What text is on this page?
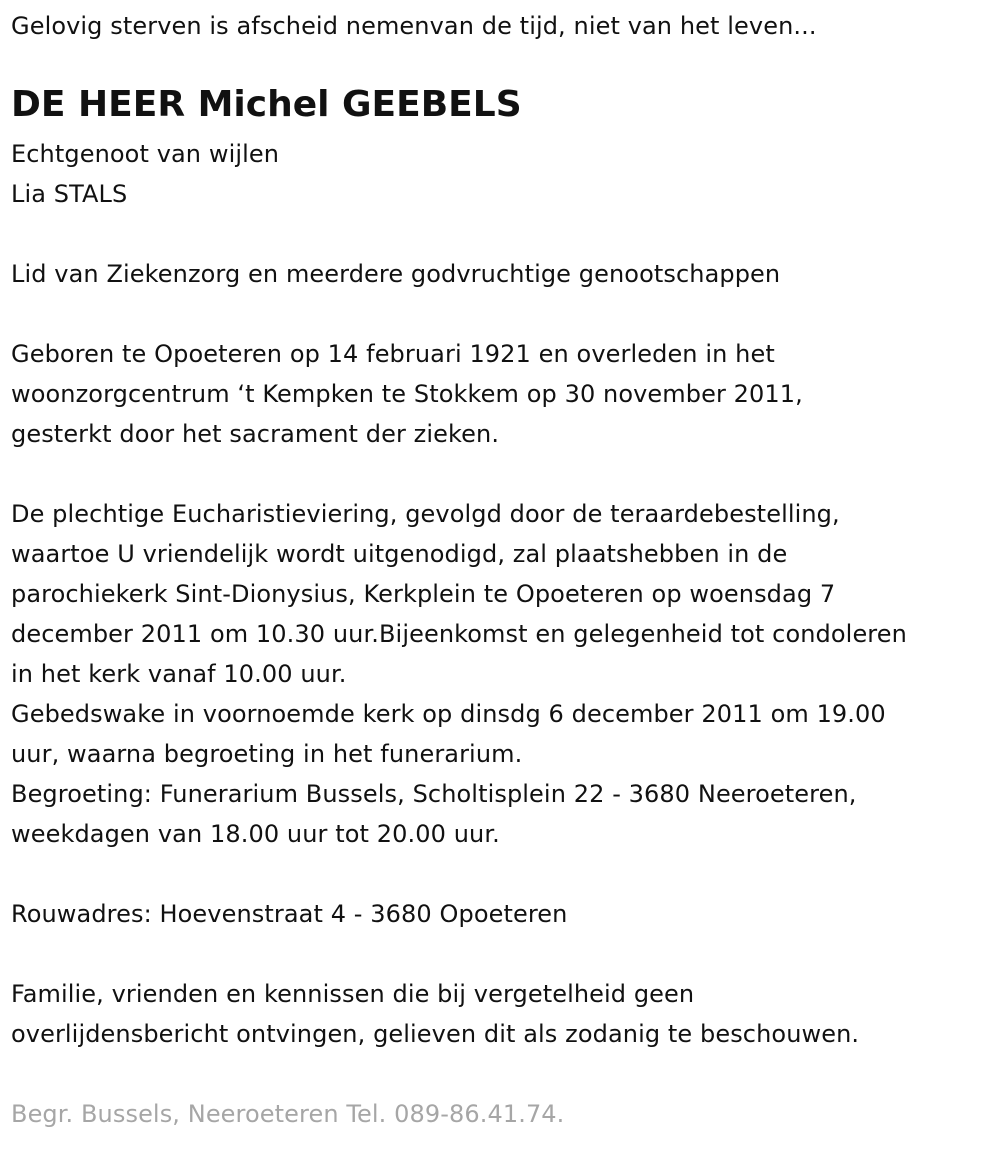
Gelovig sterven is afscheid nemenvan de tijd, niet van het leven...
DE HEER Michel GEEBELS
Echtgenoot van wijlen
Lia STALS
Lid van Ziekenzorg en meerdere godvruchtige genootschappen
Geboren te Opoeteren op 14 februari 1921 en overleden in het
woonzorgcentrum ‘t Kempken te Stokkem op 30 november 2011,
gesterkt door het sacrament der zieken.
De plechtige Eucharistieviering, gevolgd door de teraardebestelling,
waartoe U vriendelijk wordt uitgenodigd, zal plaatshebben in de
parochiekerk Sint-Dionysius, Kerkplein te Opoeteren op woensdag 7
december 2011 om 10.30 uur.Bijeenkomst en gelegenheid tot condoleren
in het kerk vanaf 10.00 uur.
Gebedswake in voornoemde kerk op dinsdg 6 december 2011 om 19.00
uur, waarna begroeting in het funerarium.
Begroeting: Funerarium Bussels, Scholtisplein 22 - 3680 Neeroeteren,
weekdagen van 18.00 uur tot 20.00 uur.
Rouwadres: Hoevenstraat 4 - 3680 Opoeteren
Familie, vrienden en kennissen die bij vergetelheid geen
overlijdensbericht ontvingen, gelieven dit als zodanig te beschouwen.
Begr. Bussels, Neeroeteren Tel. 089-86.41.74.
